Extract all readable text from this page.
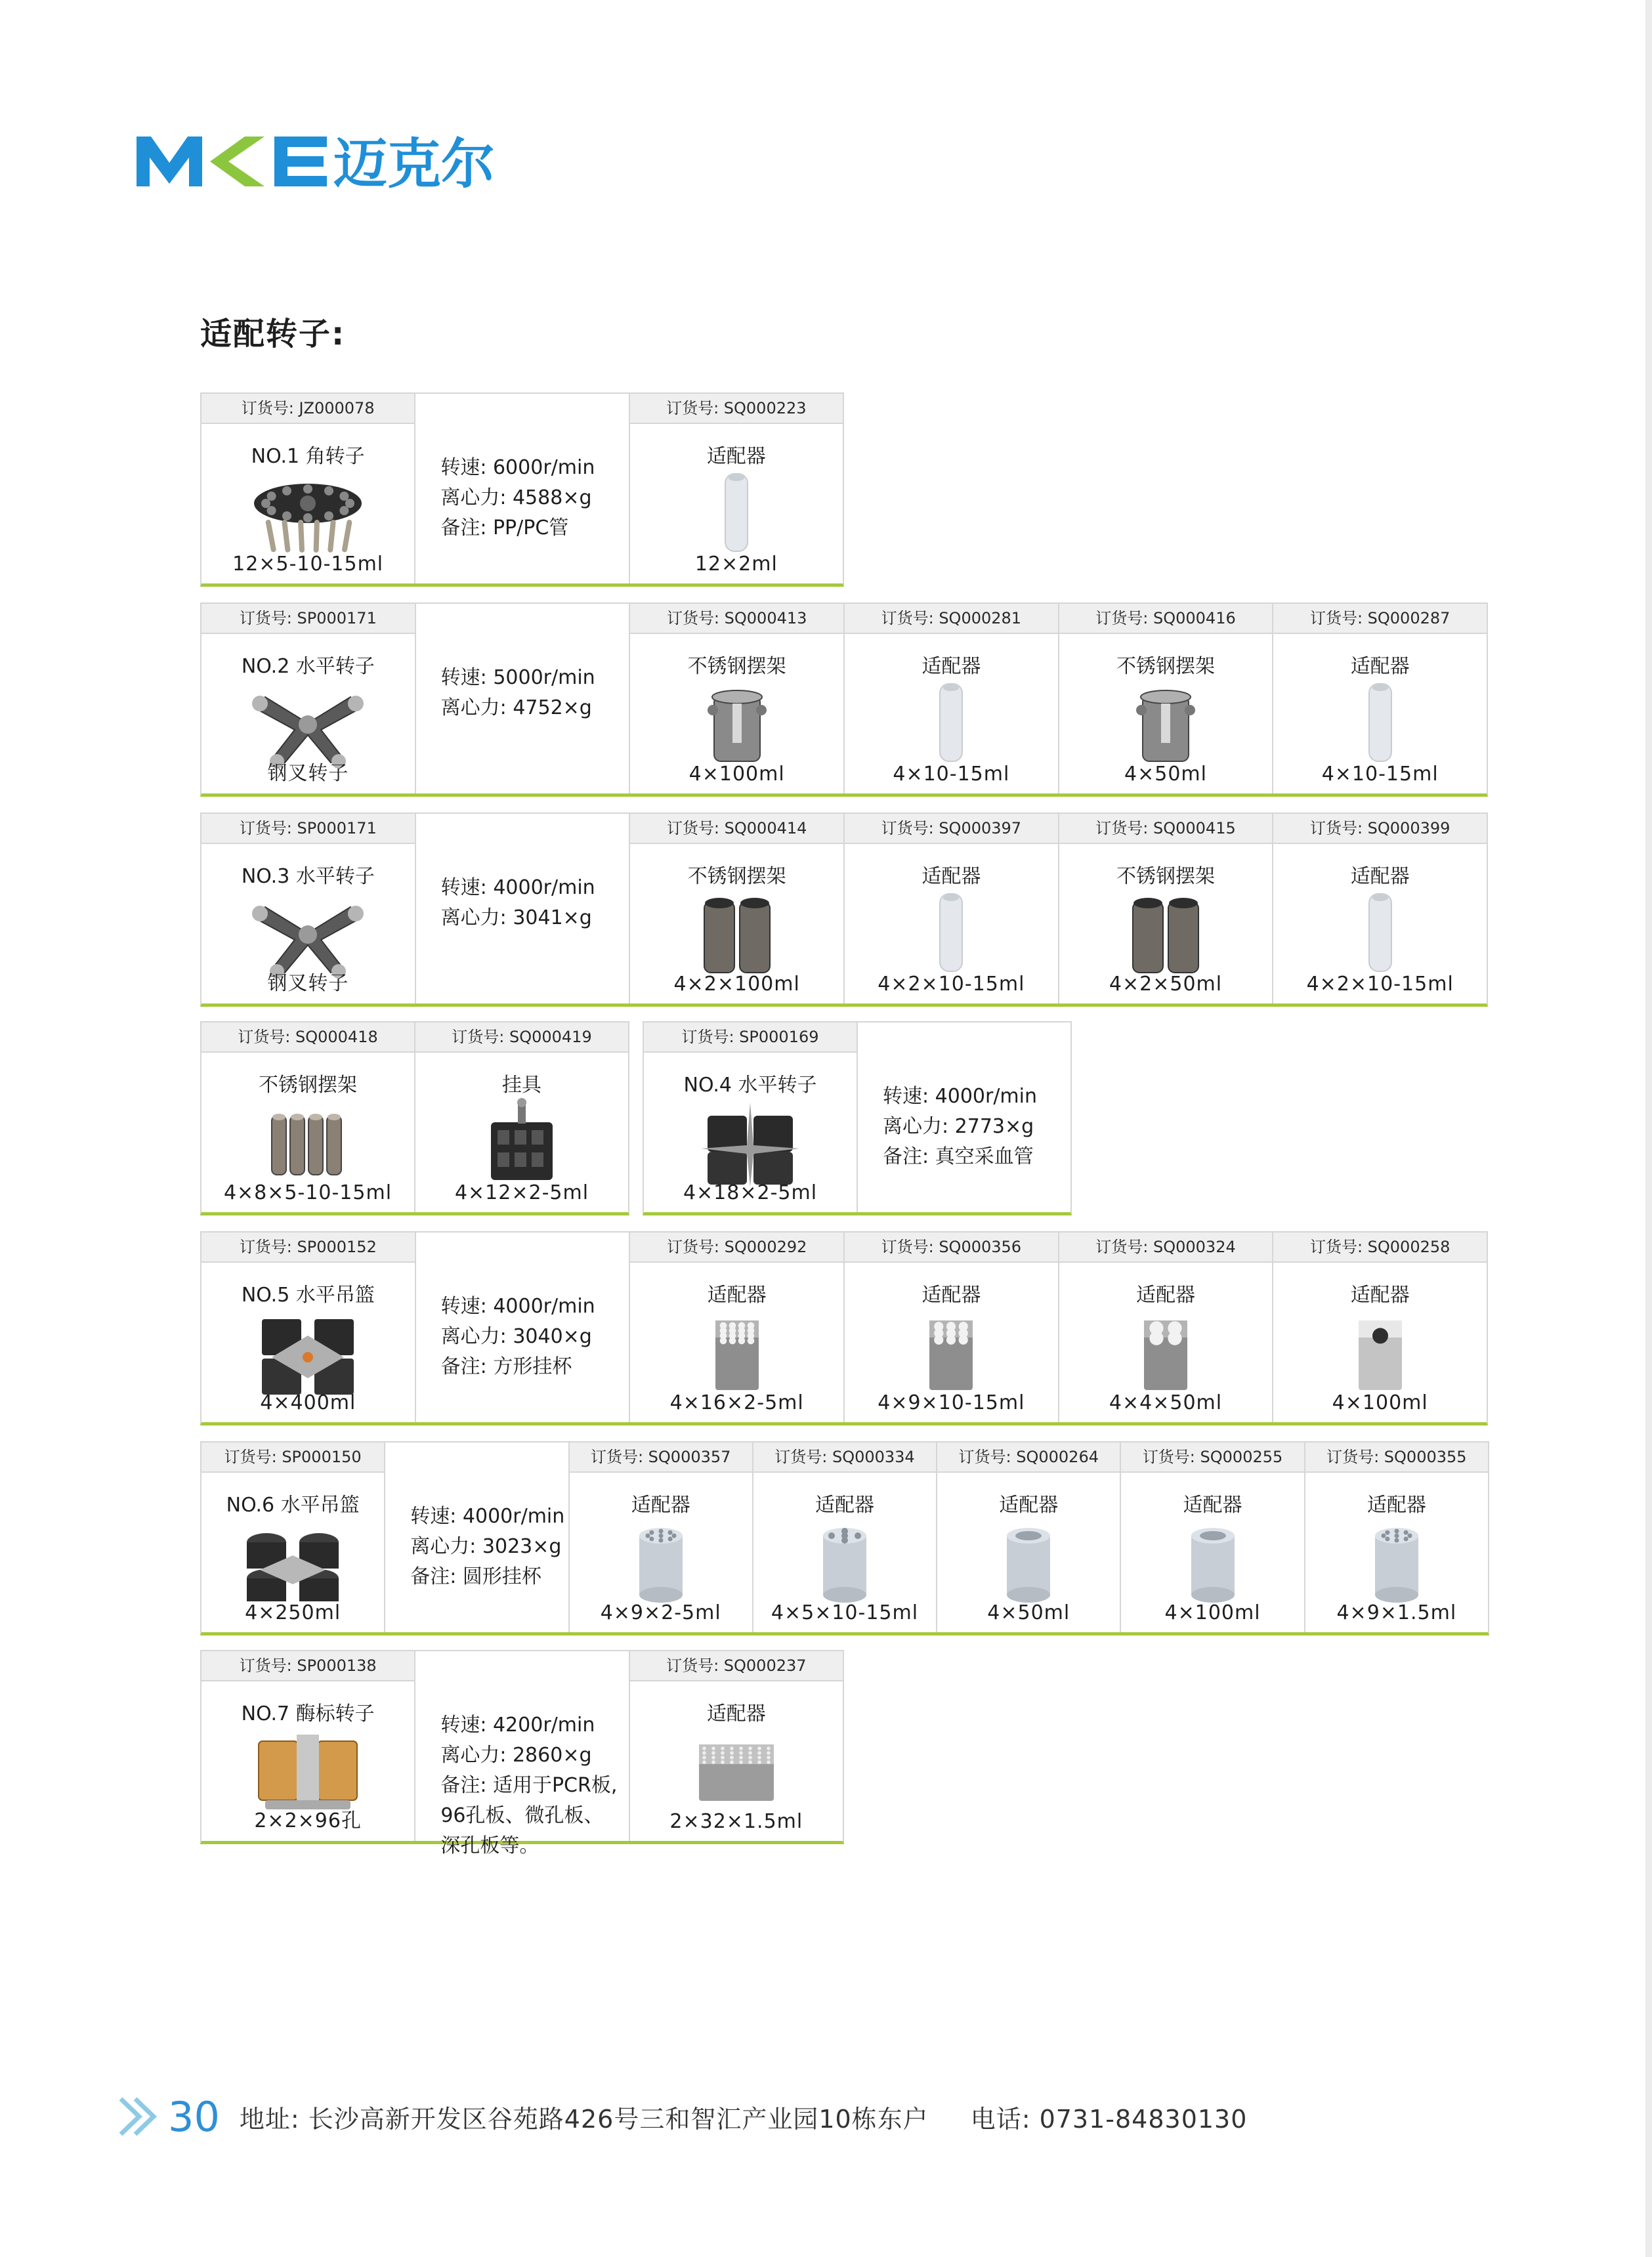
迈克尔
适配转子:
订货号: JZ000078
NO.1 角转子
12×5-10-15ml
转速: 6000r/min
离心力: 4588×g
备注: PP/PC管
订货号: SQ000223
适配器
12×2ml
订货号: SP000171
NO.2 水平转子
钢叉转子
转速: 5000r/min
离心力: 4752×g
订货号: SQ000413
不锈钢摆架
4×100ml
订货号: SQ000281
适配器
4×10-15ml
订货号: SQ000416
不锈钢摆架
4×50ml
订货号: SQ000287
适配器
4×10-15ml
订货号: SP000171
NO.3 水平转子
钢叉转子
转速: 4000r/min
离心力: 3041×g
订货号: SQ000414
不锈钢摆架
4×2×100ml
订货号: SQ000397
适配器
4×2×10-15ml
订货号: SQ000415
不锈钢摆架
4×2×50ml
订货号: SQ000399
适配器
4×2×10-15ml
订货号: SQ000418
不锈钢摆架
4×8×5-10-15ml
订货号: SQ000419
挂具
4×12×2-5ml
订货号: SP000169
NO.4 水平转子
4×18×2-5ml
转速: 4000r/min
离心力: 2773×g
备注: 真空采血管
订货号: SP000152
NO.5 水平吊篮
4×400ml
转速: 4000r/min
离心力: 3040×g
备注: 方形挂杯
订货号: SQ000292
适配器
4×16×2-5ml
订货号: SQ000356
适配器
4×9×10-15ml
订货号: SQ000324
适配器
4×4×50ml
订货号: SQ000258
适配器
4×100ml
订货号: SP000150
NO.6 水平吊篮
4×250ml
转速: 4000r/min
离心力: 3023×g
备注: 圆形挂杯
订货号: SQ000357
适配器
4×9×2-5ml
订货号: SQ000334
适配器
4×5×10-15ml
订货号: SQ000264
适配器
4×50ml
订货号: SQ000255
适配器
4×100ml
订货号: SQ000355
适配器
4×9×1.5ml
订货号: SP000138
NO.7 酶标转子
2×2×96孔
转速: 4200r/min
离心力: 2860×g
备注: 适用于PCR板,
96孔板、微孔板、
深孔板等。
订货号: SQ000237
适配器
2×32×1.5ml
30 地址: 长沙高新开发区谷苑路426号三和智汇产业园10栋东户 电话: 0731-84830130
